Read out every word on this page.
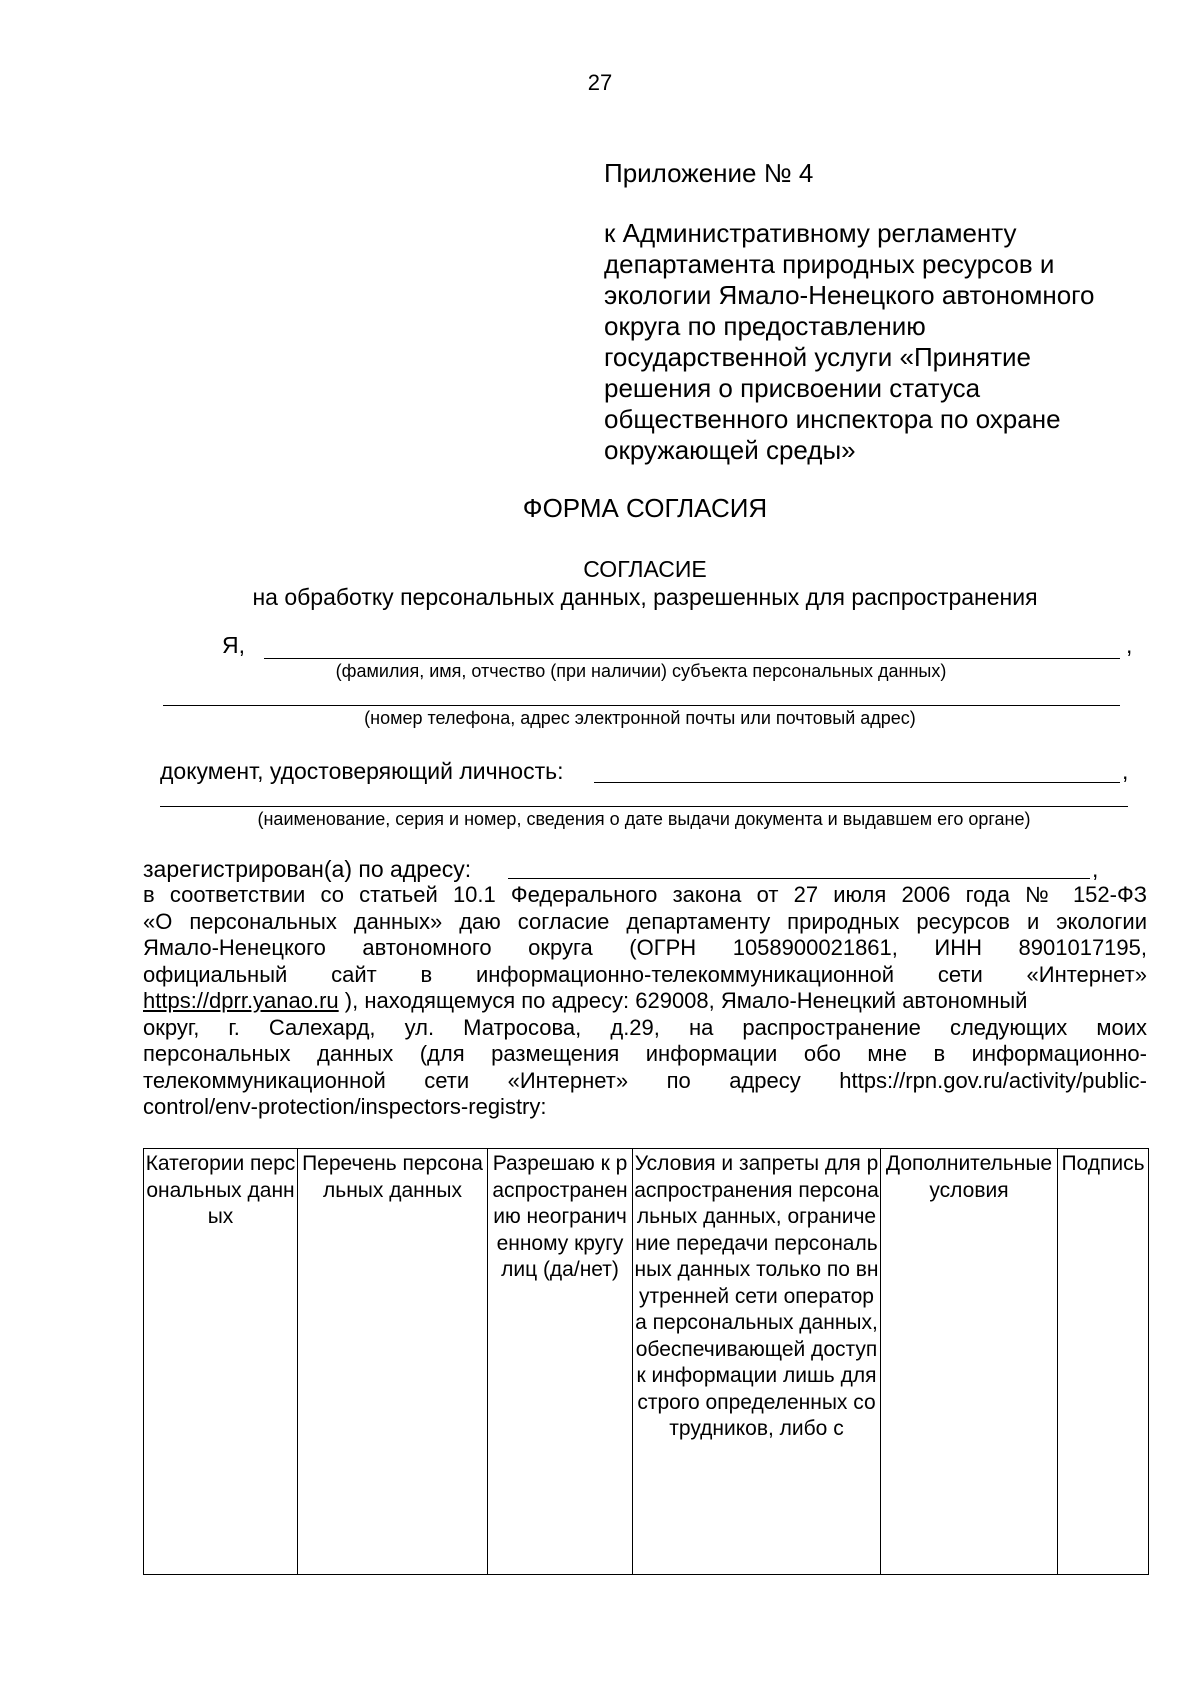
27
Приложение № 4
к Административному регламенту
департамента природных ресурсов и
экологии Ямало-Ненецкого автономного
округа по предоставлению
государственной услуги «Принятие
решения о присвоении статуса
общественного инспектора по охране
окружающей среды»
ФОРМА СОГЛАСИЯ
СОГЛАСИЕ
на обработку персональных данных, разрешенных для распространения
Я,	,
(фамилия, имя, отчество (при наличии) субъекта персональных данных)
(номер телефона, адрес электронной почты или почтовый адрес)
документ, удостоверяющий личность:	,
(наименование, серия и номер, сведения о дате выдачи документа и выдавшем его органе)
зарегистрирован(а) по адресу:	,
в соответствии со статьей 10.1 Федерального закона от 27 июля 2006 года № 152-ФЗ
«О персональных данных» даю согласие департаменту природных ресурсов и экологии
Ямало-Ненецкого автономного округа (ОГРН 1058900021861, ИНН 8901017195,
официальный сайт в информационно-телекоммуникационной сети «Интернет»
https://dprr.yanao.ru ), находящемуся по адресу: 629008, Ямало-Ненецкий автономный
округ, г. Салехард, ул. Матросова, д.29, на распространение следующих моих
персональных данных (для размещения информации обо мне в информационно-
телекоммуникационной сети «Интернет» по адресу https://rpn.gov.ru/activity/public-
control/env-protection/inspectors-registry:
Категории персональных данных	Перечень персональных данных	Разрешаю к распространению неограниченному кругу лиц (да/нет)	Условия и запреты для распространения персональных данных, ограничение передачи персональных данных только по внутренней сети оператора персональных данных, обеспечивающей доступ к информации лишь для строго определенных сотрудников, либо с	Дополнительные условия	Подпись
